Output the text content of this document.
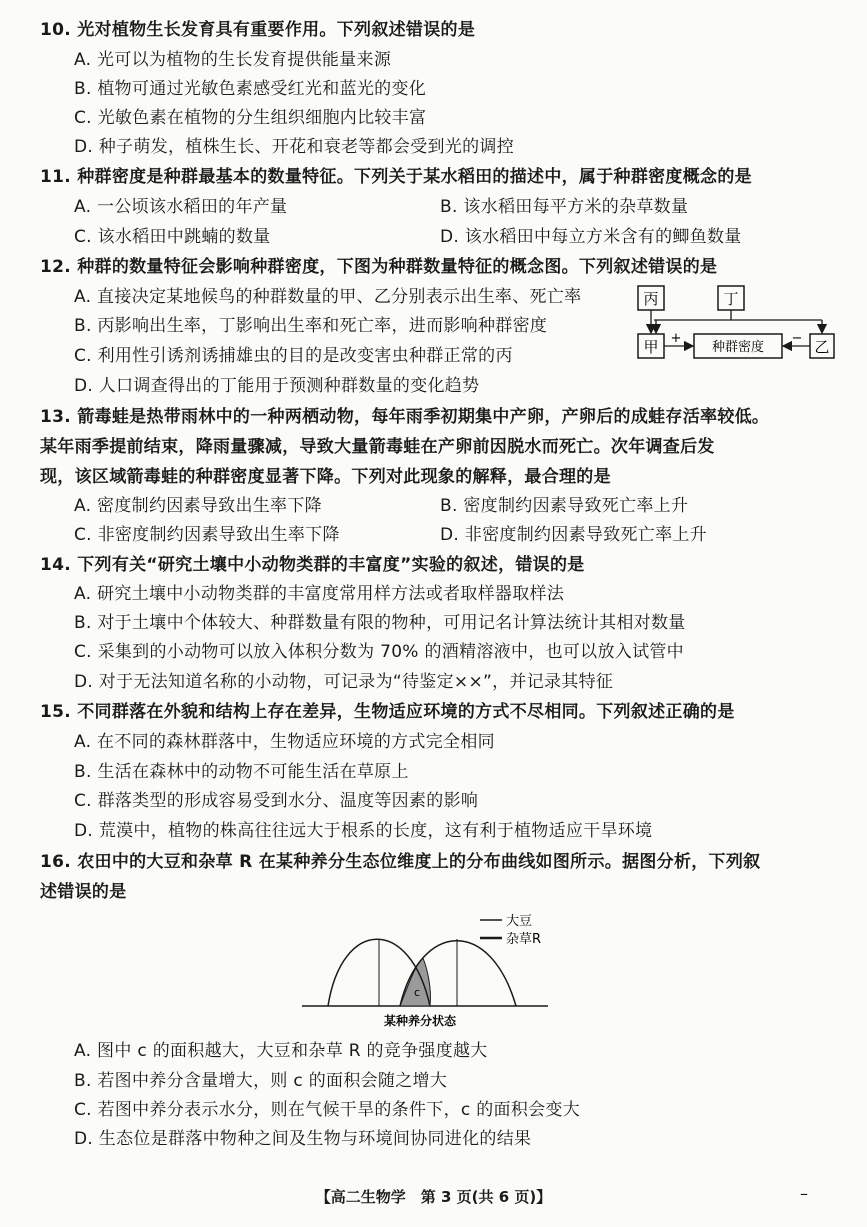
10. 光对植物生长发育具有重要作用。下列叙述错误的是
A. 光可以为植物的生长发育提供能量来源
B. 植物可通过光敏色素感受红光和蓝光的变化
C. 光敏色素在植物的分生组织细胞内比较丰富
D. 种子萌发，植株生长、开花和衰老等都会受到光的调控
11. 种群密度是种群最基本的数量特征。下列关于某水稻田的描述中，属于种群密度概念的是
A. 一公顷该水稻田的年产量	B. 该水稻田每平方米的杂草数量
C. 该水稻田中跳蝻的数量	D. 该水稻田中每立方米含有的鲫鱼数量
12. 种群的数量特征会影响种群密度，下图为种群数量特征的概念图。下列叙述错误的是
A. 直接决定某地候鸟的种群数量的甲、乙分别表示出生率、死亡率
B. 丙影响出生率，丁影响出生率和死亡率，进而影响种群密度
C. 利用性引诱剂诱捕雄虫的目的是改变害虫种群正常的丙
D. 人口调查得出的丁能用于预测种群数量的变化趋势
丙	丁
甲	种群密度	乙
+	−
13. 箭毒蛙是热带雨林中的一种两栖动物，每年雨季初期集中产卵，产卵后的成蛙存活率较低。
某年雨季提前结束，降雨量骤减，导致大量箭毒蛙在产卵前因脱水而死亡。次年调查后发
现，该区域箭毒蛙的种群密度显著下降。下列对此现象的解释，最合理的是
A. 密度制约因素导致出生率下降	B. 密度制约因素导致死亡率上升
C. 非密度制约因素导致出生率下降	D. 非密度制约因素导致死亡率上升
14. 下列有关“研究土壤中小动物类群的丰富度”实验的叙述，错误的是
A. 研究土壤中小动物类群的丰富度常用样方法或者取样器取样法
B. 对于土壤中个体较大、种群数量有限的物种，可用记名计算法统计其相对数量
C. 采集到的小动物可以放入体积分数为 70% 的酒精溶液中，也可以放入试管中
D. 对于无法知道名称的小动物，可记录为“待鉴定××”，并记录其特征
15. 不同群落在外貌和结构上存在差异，生物适应环境的方式不尽相同。下列叙述正确的是
A. 在不同的森林群落中，生物适应环境的方式完全相同
B. 生活在森林中的动物不可能生活在草原上
C. 群落类型的形成容易受到水分、温度等因素的影响
D. 荒漠中，植物的株高往往远大于根系的长度，这有利于植物适应干旱环境
16. 农田中的大豆和杂草 R 在某种养分生态位维度上的分布曲线如图所示。据图分析，下列叙
述错误的是
c
大豆
杂草R
某种养分状态
A. 图中 c 的面积越大，大豆和杂草 R 的竞争强度越大
B. 若图中养分含量增大，则 c 的面积会随之增大
C. 若图中养分表示水分，则在气候干旱的条件下，c 的面积会变大
D. 生态位是群落中物种之间及生物与环境间协同进化的结果
【高二生物学　第 3 页(共 6 页)】	–
